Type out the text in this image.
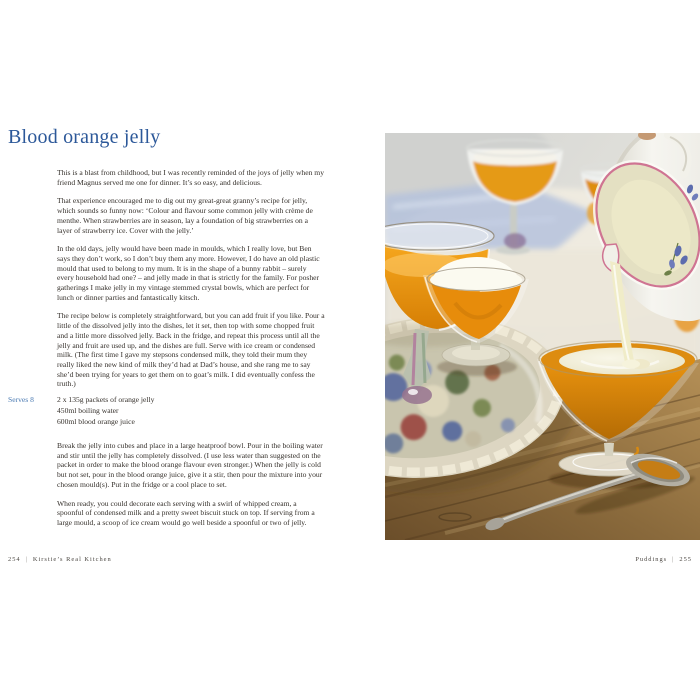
Blood orange jelly

This is a blast from childhood, but I was recently reminded of the joys of jelly when my friend Magnus served me one for dinner. It’s so easy, and delicious.

That experience encouraged me to dig out my great-great granny’s recipe for jelly, which sounds so funny now: ‘Colour and flavour some common jelly with crème de menthe. When strawberries are in season, lay a foundation of big strawberries on a layer of strawberry ice. Cover with the jelly.’

In the old days, jelly would have been made in moulds, which I really love, but Ben says they don’t work, so I don’t buy them any more. However, I do have an old plastic mould that used to belong to my mum. It is in the shape of a bunny rabbit – surely every household had one? – and jelly made in that is strictly for the family. For posher gatherings I make jelly in my vintage stemmed crystal bowls, which are perfect for lunch or dinner parties and fantastically kitsch.

The recipe below is completely straightforward, but you can add fruit if you like. Pour a little of the dissolved jelly into the dishes, let it set, then top with some chopped fruit and a little more dissolved jelly. Back in the fridge, and repeat this process until all the jelly and fruit are used up, and the dishes are full. Serve with ice cream or condensed milk. (The first time I gave my stepsons condensed milk, they told their mum they really liked the new kind of milk they’d had at Dad’s house, and she rang me to say she’d been trying for years to get them on to goat’s milk. I did eventually confess the truth.)

Serves 8	2 x 135g packets of orange jelly
450ml boiling water
600ml blood orange juice

Break the jelly into cubes and place in a large heatproof bowl. Pour in the boiling water and stir until the jelly has completely dissolved. (I use less water than suggested on the packet in order to make the blood orange flavour even stronger.) When the jelly is cold but not set, pour in the blood orange juice, give it a stir, then pour the mixture into your chosen mould(s). Put in the fridge or a cool place to set.

When ready, you could decorate each serving with a swirl of whipped cream, a spoonful of condensed milk and a pretty sweet biscuit stuck on top. If serving from a large mould, a scoop of ice cream would go well beside a spoonful or two of jelly.

254 | Kirstie’s Real Kitchen	Puddings | 255
